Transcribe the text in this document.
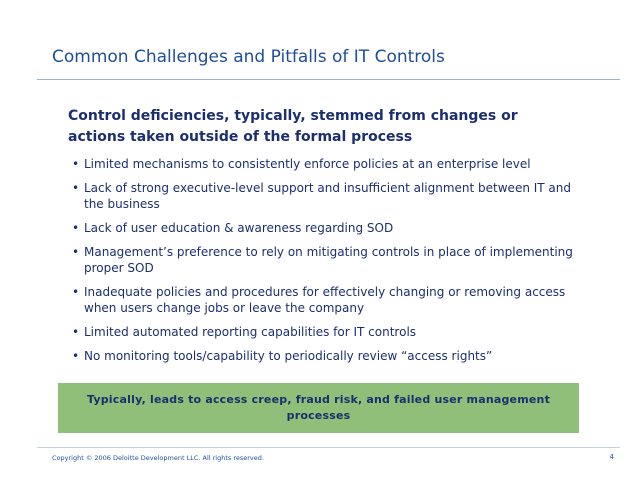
Common Challenges and Pitfalls of IT Controls
Control deficiencies, typically, stemmed from changes or actions taken outside of the formal process
• Limited mechanisms to consistently enforce policies at an enterprise level
• Lack of strong executive-level support and insufficient alignment between IT and the business
• Lack of user education & awareness regarding SOD
• Management’s preference to rely on mitigating controls in place of implementing proper SOD
• Inadequate policies and procedures for effectively changing or removing access when users change jobs or leave the company
• Limited automated reporting capabilities for IT controls
• No monitoring tools/capability to periodically review “access rights”
Typically, leads to access creep, fraud risk, and failed user management processes
Copyright © 2006 Deloitte Development LLC. All rights reserved.	4
